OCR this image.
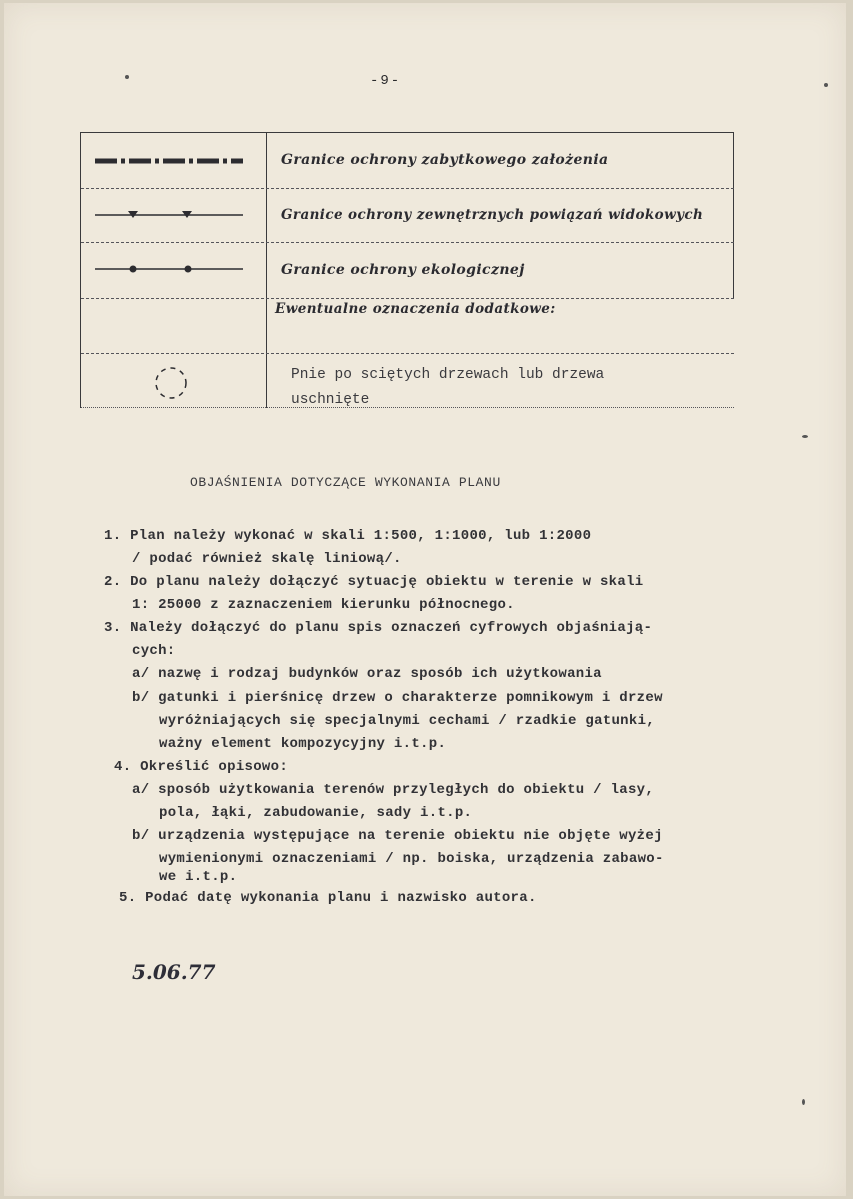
-9-
Granice ochrony zabytkowego założenia
Granice ochrony zewnętrznych powiązań widokowych
Granice ochrony ekologicznej
Ewentualne oznaczenia dodatkowe:
Pnie po sciętych drzewach lub drzewa
uschnięte
OBJAŚNIENIA DOTYCZĄCE WYKONANIA PLANU
1. Plan należy wykonać w skali 1:500, 1:1000, lub 1:2000
/ podać również skalę liniową/.
2. Do planu należy dołączyć sytuację obiektu w terenie w skali
1: 25000 z zaznaczeniem kierunku północnego.
3. Należy dołączyć do planu spis oznaczeń cyfrowych objaśniają-
cych:
a/ nazwę i rodzaj budynków oraz sposób ich użytkowania
b/ gatunki i pierśnicę drzew o charakterze pomnikowym i drzew
wyróżniających się specjalnymi cechami / rzadkie gatunki,
ważny element kompozycyjny i.t.p.
4. Określić opisowo:
a/ sposób użytkowania terenów przyległych do obiektu / lasy,
pola, łąki, zabudowanie, sady i.t.p.
b/ urządzenia występujące na terenie obiektu nie objęte wyżej
wymienionymi oznaczeniami / np. boiska, urządzenia zabawo-
we i.t.p.
5. Podać datę wykonania planu i nazwisko autora.
5.06.77
